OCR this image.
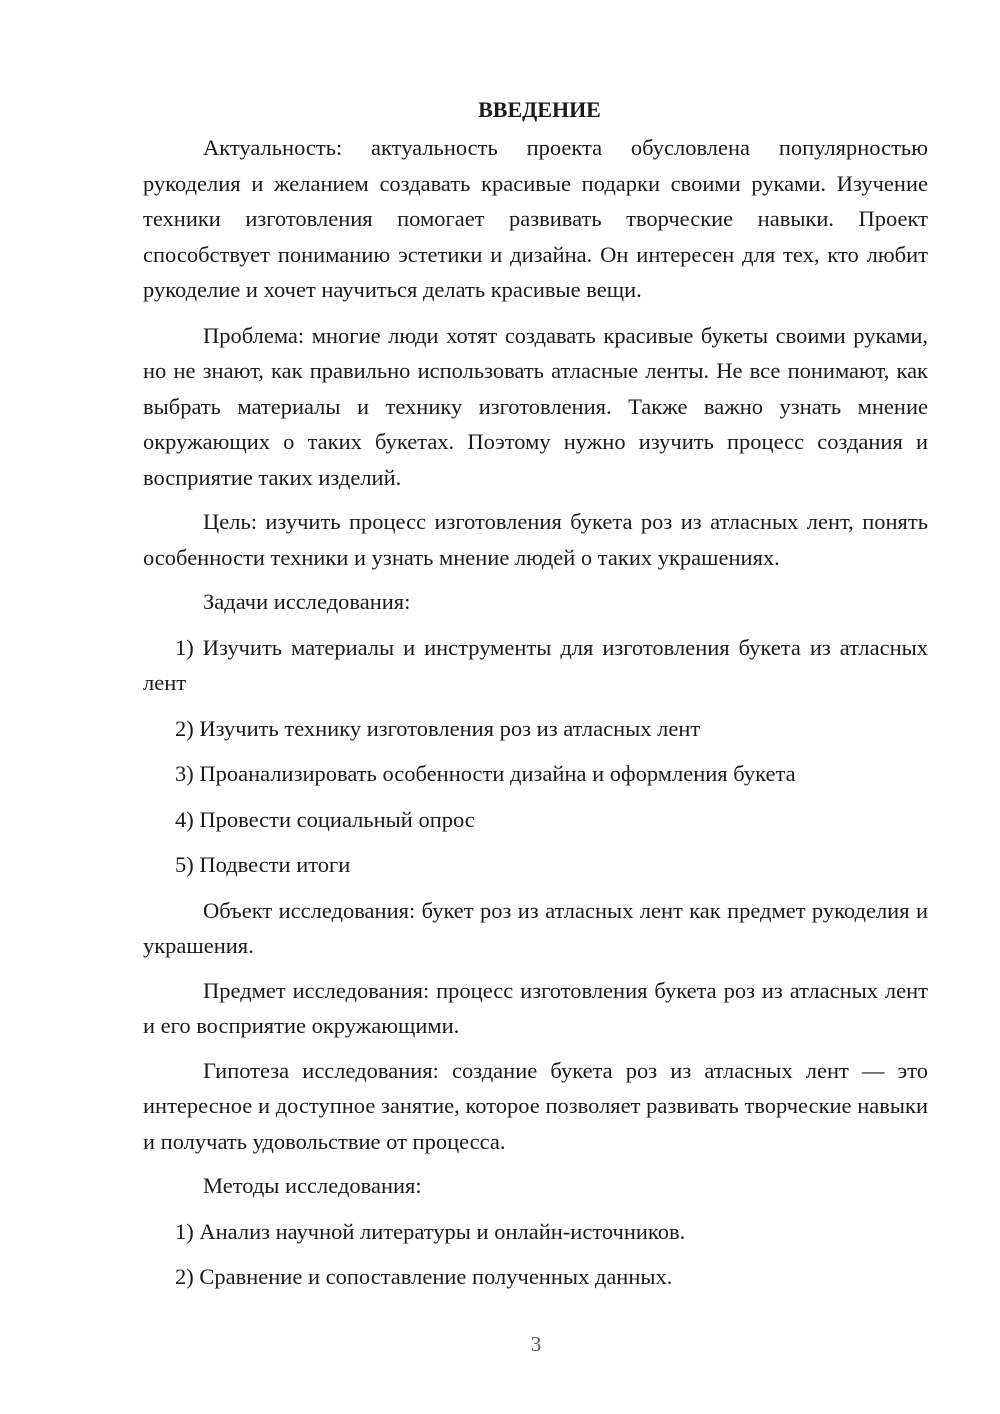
ВВЕДЕНИЕ

Актуальность: актуальность проекта обусловлена популярностью рукоделия и желанием создавать красивые подарки своими руками. Изучение техники изготовления помогает развивать творческие навыки. Проект способствует пониманию эстетики и дизайна. Он интересен для тех, кто любит рукоделие и хочет научиться делать красивые вещи.

Проблема: многие люди хотят создавать красивые букеты своими руками, но не знают, как правильно использовать атласные ленты. Не все понимают, как выбрать материалы и технику изготовления. Также важно узнать мнение окружающих о таких букетах. Поэтому нужно изучить процесс создания и восприятие таких изделий.

Цель: изучить процесс изготовления букета роз из атласных лент, понять особенности техники и узнать мнение людей о таких украшениях.

Задачи исследования:

1) Изучить материалы и инструменты для изготовления букета из атласных лент

2) Изучить технику изготовления роз из атласных лент

3) Проанализировать особенности дизайна и оформления букета

4) Провести социальный опрос

5) Подвести итоги

Объект исследования: букет роз из атласных лент как предмет рукоделия и украшения.

Предмет исследования: процесс изготовления букета роз из атласных лент и его восприятие окружающими.

Гипотеза исследования: создание букета роз из атласных лент — это интересное и доступное занятие, которое позволяет развивать творческие навыки и получать удовольствие от процесса.

Методы исследования:

1) Анализ научной литературы и онлайн-источников.

2) Сравнение и сопоставление полученных данных.

3
